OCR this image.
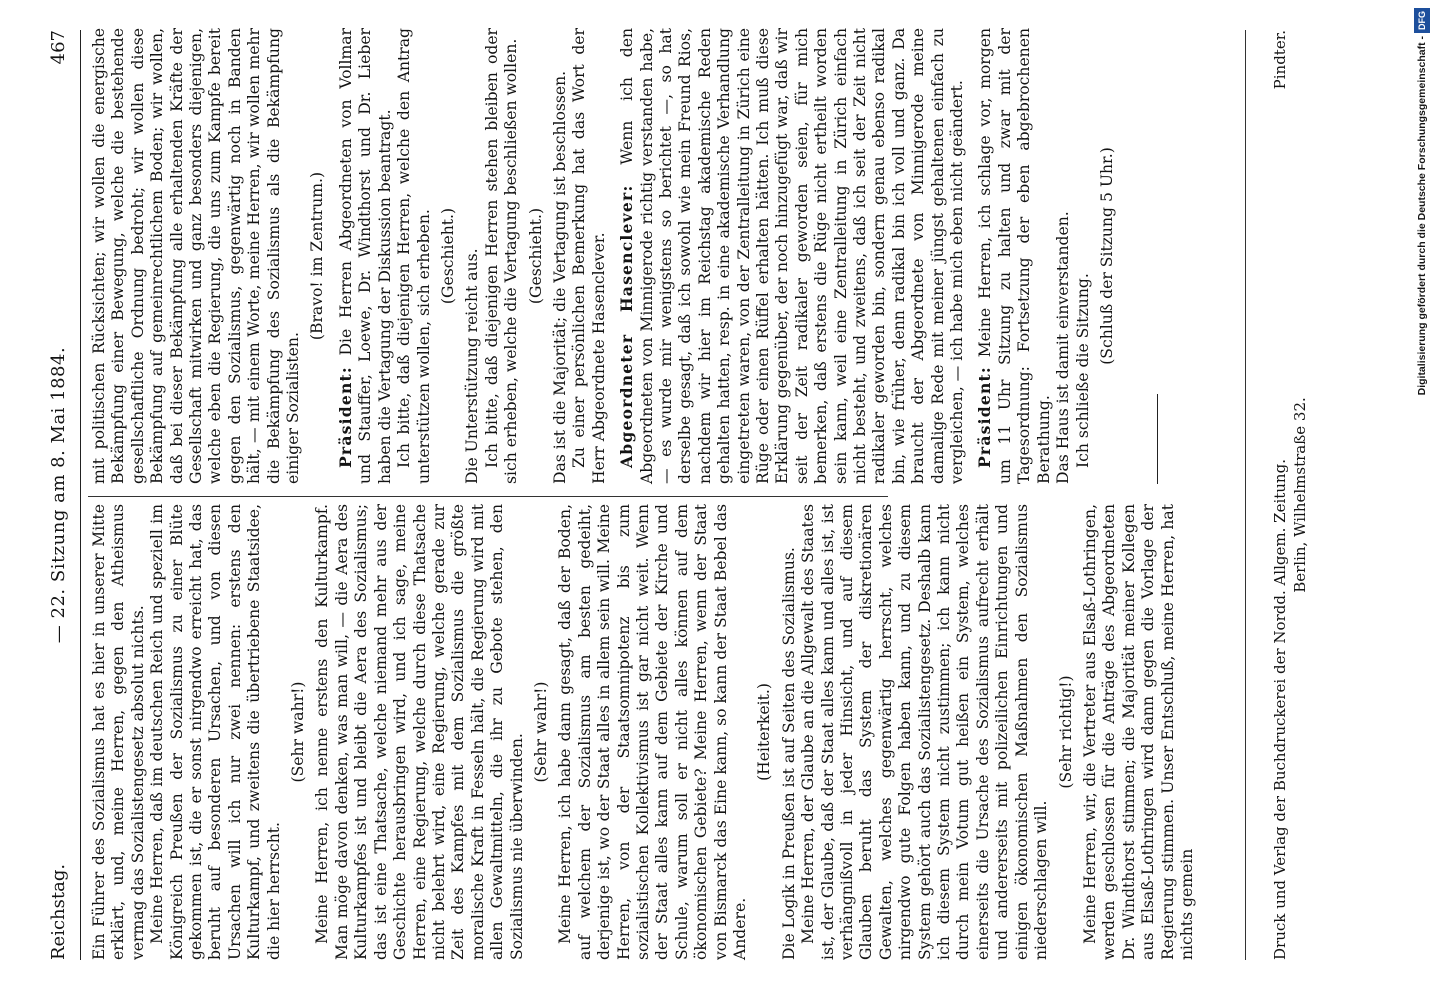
Reichstag.
— 22. Sitzung am 8. Mai 1884.
467

Ein Führer des Sozialismus hat es hier in unserer Mitte erklärt, und, meine Herren, gegen den Atheismus vermag das Sozialistengesetz absolut nichts. Meine Herren, daß im deutschen Reich und speziell im Königreich Preußen der Sozialismus zu einer Blüte gekommen ist, die er sonst nirgendwo erreicht hat, das beruht auf besonderen Ursachen, und von diesen Ursachen will ich nur zwei nennen: erstens den Kulturkampf, und zweitens die übertriebene Staatsidee, die hier herrscht.

(Sehr wahr!) Meine Herren, ich nenne erstens den Kulturkampf. Man möge davon denken, was man will, — die Aera des Kulturkampfes ist und bleibt die Aera des Sozialismus; das ist eine Thatsache, welche niemand mehr aus der Geschichte herausbringen wird, und ich sage, meine Herren, eine Regierung, welche durch diese Thatsache nicht belehrt wird, eine Regierung, welche gerade zur Zeit des Kampfes mit dem Sozialismus die größte moralische Kraft in Fesseln hält, die Regierung wird mit allen Gewaltmitteln, die ihr zu Gebote stehen, den Sozialismus nie überwinden.

(Sehr wahr!) Meine Herren, ich habe dann gesagt, daß der Boden, auf welchem der Sozialismus am besten gedeiht, derjenige ist, wo der Staat alles in allem sein will. Meine Herren, von der Staatsomnipotenz bis zum sozialistischen Kollektivismus ist gar nicht weit. Wenn der Staat alles kann auf dem Gebiete der Kirche und Schule, warum soll er nicht alles können auf dem ökonomischen Gebiete? Meine Herren, wenn der Staat von Bismarck das Eine kann, so kann der Staat Bebel das Andere.

(Heiterkeit.) Die Logik in Preußen ist auf Seiten des Sozialismus. Meine Herren, der Glaube an die Allgewalt des Staates ist, der Glaube, daß der Staat alles kann und alles ist, ist verhängnißvoll in jeder Hinsicht, und auf diesem Glauben beruht das System der diskretionären Gewalten, welches gegenwärtig herrscht, welches nirgendwo gute Folgen haben kann, und zu diesem System gehört auch das Sozialistengesetz. Deshalb kann ich diesem System nicht zustimmen; ich kann nicht durch mein Votum gut heißen ein System, welches einerseits die Ursache des Sozialismus aufrecht erhält und andererseits mit polizeilichen Einrichtungen und einigen ökonomischen Maßnahmen den Sozialismus niederschlagen will.

(Sehr richtig!) Meine Herren, wir, die Vertreter aus Elsaß-Lothringen, werden geschlossen für die Anträge des Abgeordneten Dr. Windthorst stimmen; die Majorität meiner Kollegen aus Elsaß-Lothringen wird dann gegen die Vorlage der Regierung stimmen. Unser Entschluß, meine Herren, hat nichts gemein

mit politischen Rücksichten; wir wollen die energische Bekämpfung einer Bewegung, welche die bestehende gesellschaftliche Ordnung bedroht; wir wollen diese Bekämpfung auf gemeinrechtlichem Boden; wir wollen, daß bei dieser Bekämpfung alle erhaltenden Kräfte der Gesellschaft mitwirken und ganz besonders diejenigen, welche eben die Regierung, die uns zum Kampfe bereit gegen den Sozialismus, gegenwärtig noch in Banden hält, — mit einem Worte, meine Herren, wir wollen mehr die Bekämpfung des Sozialismus als die Bekämpfung einiger Sozialisten.

(Bravo! im Zentrum.)

Präsident: Die Herren Abgeordneten von Vollmar und Stauffer, Loewe, Dr. Windthorst und Dr. Lieber haben die Vertagung der Diskussion beantragt. Ich bitte, daß diejenigen Herren, welche den Antrag unterstützen wollen, sich erheben. (Geschieht.) Die Unterstützung reicht aus. Ich bitte, daß diejenigen Herren stehen bleiben oder sich erheben, welche die Vertagung beschließen wollen. (Geschieht.) Das ist die Majorität; die Vertagung ist beschlossen. Zu einer persönlichen Bemerkung hat das Wort der Herr Abgeordnete Hasenclever. Abgeordneter Hasenclever: Wenn ich den Abgeordneten von Minnigerode richtig verstanden habe, — es wurde mir wenigstens so berichtet —, so hat derselbe gesagt, daß ich sowohl wie mein Freund Rios, nachdem wir hier im Reichstag akademische Reden gehalten hatten, resp. in eine akademische Verhandlung eingetreten waren, von der Zentralleitung in Zürich eine Rüge oder einen Rüffel erhalten hätten. Ich muß diese Erklärung gegenüber, der noch hinzugefügt war, daß wir seit der Zeit radikaler geworden seien, für mich bemerken, daß erstens die Rüge nicht ertheilt worden sein kann, weil eine Zentralleitung in Zürich einfach nicht besteht, und zweitens, daß ich seit der Zeit nicht radikaler geworden bin, sondern genau ebenso radikal bin, wie früher, denn radikal bin ich voll und ganz. Da braucht der Abgeordnete von Minnigerode meine damalige Rede mit meiner jüngst gehaltenen einfach zu vergleichen, — ich habe mich eben nicht geändert. Präsident: Meine Herren, ich schlage vor, morgen um 11 Uhr Sitzung zu halten und zwar mit der Tagesordnung: Fortsetzung der eben abgebrochenen Berathung. Das Haus ist damit einverstanden. Ich schließe die Sitzung.

(Schluß der Sitzung 5 Uhr.)

Druck und Verlag der Buchdruckerei der Nordd. Allgem. Zeitung.
Pindter.
Berlin, Wilhelmstraße 32.
Digitalisierung gefördert durch die Deutsche Forschungsgemeinschaft -DFG
